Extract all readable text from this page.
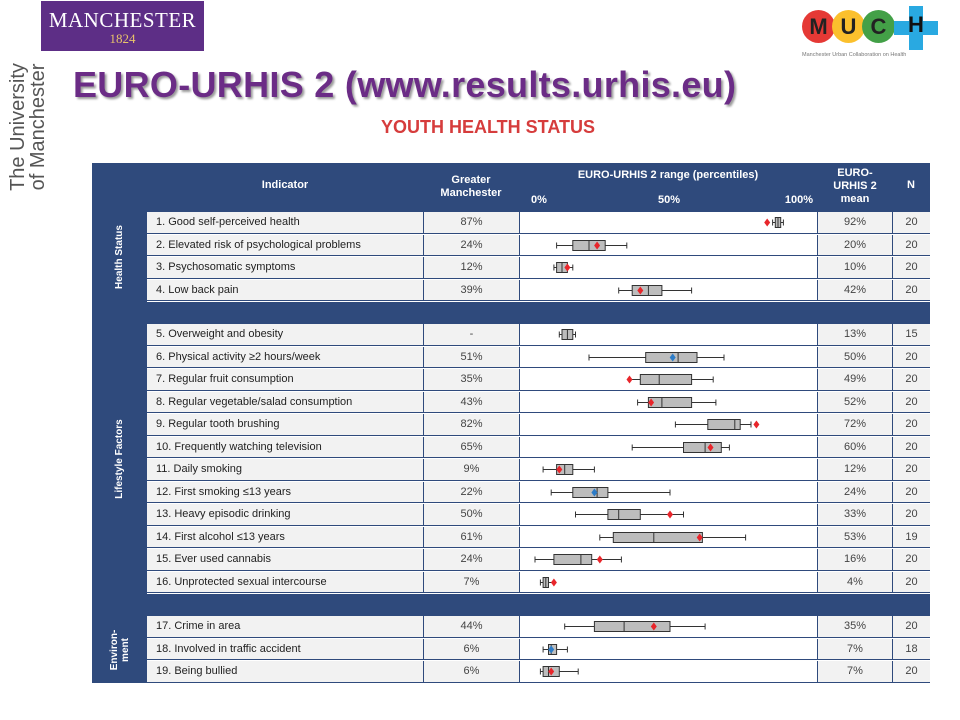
MANCHESTER
1824
The University
of Manchester
M U C H
Manchester Urban Collaboration on Health
EURO-URHIS 2 (www.results.urhis.eu)
YOUTH HEALTH STATUS
Indicator	Greater Manchester
EURO-URHIS 2 range (percentiles)
0%	50%	100%
EURO- URHIS 2 mean
N
Health Status
Lifestyle Factors
Environ- ment
1. Good self-perceived health	87%	92%	20
2. Elevated risk of psychological problems	24%	20%	20
3. Psychosomatic symptoms	12%	10%	20
4. Low back pain	39%	42%	20
5. Overweight and obesity	-	13%	15
6. Physical activity ≥2 hours/week	51%	50%	20
7. Regular fruit consumption	35%	49%	20
8. Regular vegetable/salad consumption	43%	52%	20
9. Regular tooth brushing	82%	72%	20
10. Frequently watching television	65%	60%	20
11. Daily smoking	9%	12%	20
12. First smoking ≤13 years	22%	24%	20
13. Heavy episodic drinking	50%	33%	20
14. First alcohol ≤13 years	61%	53%	19
15. Ever used cannabis	24%	16%	20
16. Unprotected sexual intercourse	7%	4%	20
17. Crime in area	44%	35%	20
18. Involved in traffic accident	6%	7%	18
19. Being bullied	6%	7%	20
